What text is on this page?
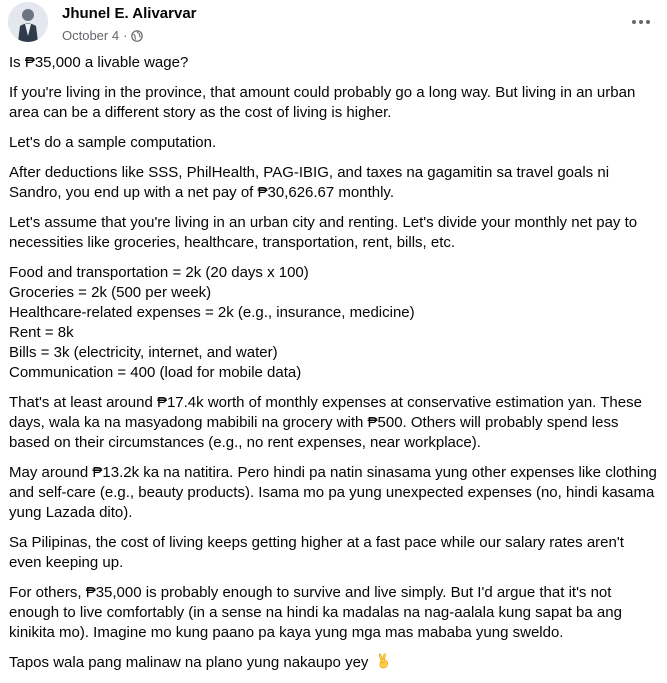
Jhunel E. Alivarvar
October 4 ·

Is ₱35,000 a livable wage?

If you're living in the province, that amount could probably go a long way. But living in an urban area can be a different story as the cost of living is higher.

Let's do a sample computation.

After deductions like SSS, PhilHealth, PAG-IBIG, and taxes na gagamitin sa travel goals ni Sandro, you end up with a net pay of ₱30,626.67 monthly.

Let's assume that you're living in an urban city and renting. Let's divide your monthly net pay to necessities like groceries, healthcare, transportation, rent, bills, etc.

Food and transportation = 2k (20 days x 100)
Groceries = 2k (500 per week)
Healthcare-related expenses = 2k (e.g., insurance, medicine)
Rent = 8k
Bills = 3k (electricity, internet, and water)
Communication = 400 (load for mobile data)

That's at least around ₱17.4k worth of monthly expenses at conservative estimation yan. These days, wala ka na masyadong mabibili na grocery with ₱500. Others will probably spend less based on their circumstances (e.g., no rent expenses, near workplace).

May around ₱13.2k ka na natitira. Pero hindi pa natin sinasama yung other expenses like clothing and self-care (e.g., beauty products). Isama mo pa yung unexpected expenses (no, hindi kasama yung Lazada dito).

Sa Pilipinas, the cost of living keeps getting higher at a fast pace while our salary rates aren't even keeping up.

For others, ₱35,000 is probably enough to survive and live simply. But I'd argue that it's not enough to live comfortably (in a sense na hindi ka madalas na nag-aalala kung sapat ba ang kinikita mo). Imagine mo kung paano pa kaya yung mga mas mababa yung sweldo.

Tapos wala pang malinaw na plano yung nakaupo yey
